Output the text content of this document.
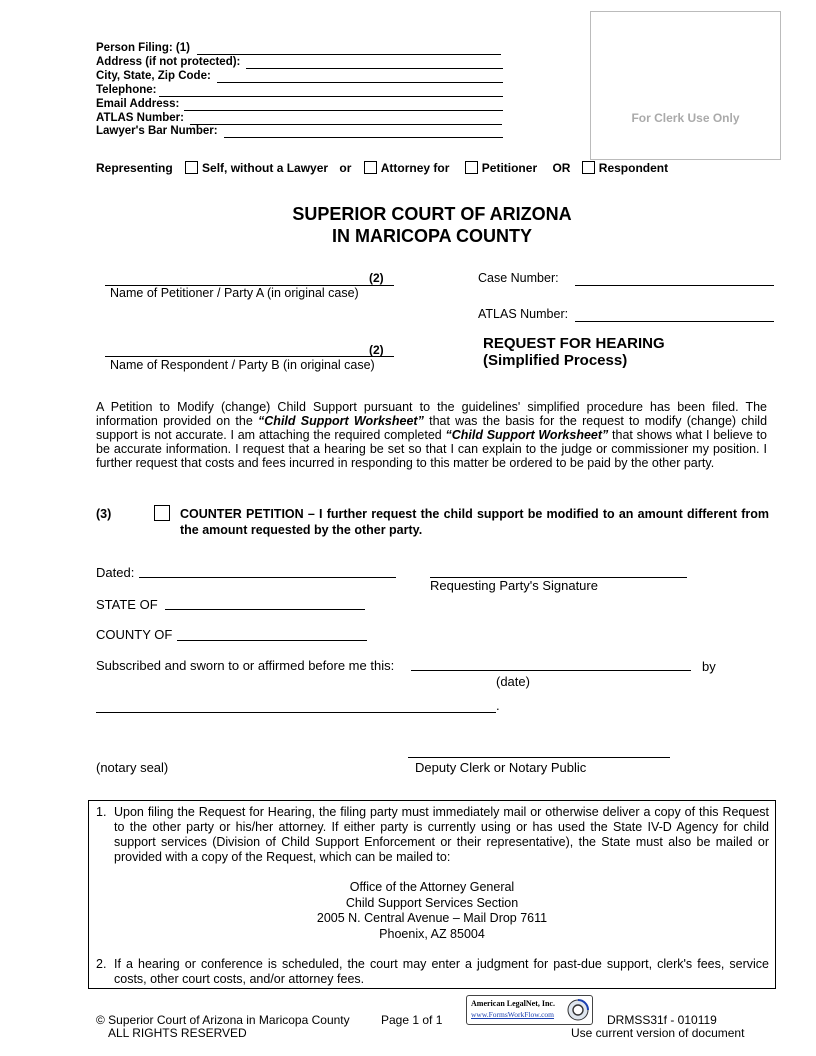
Person Filing: (1)
Address (if not protected):
City, State, Zip Code:
Telephone:
Email Address:
ATLAS Number:
Lawyer's Bar Number:
For Clerk Use Only
Representing Self, without a Lawyer or Attorney for	Petitioner OR Respondent
SUPERIOR COURT OF ARIZONA
IN MARICOPA COUNTY
(2)
Name of Petitioner / Party A (in original case)
(2)
Name of Respondent / Party B (in original case)
Case Number:
ATLAS Number:
REQUEST FOR HEARING
(Simplified Process)
A Petition to Modify (change) Child Support pursuant to the guidelines' simplified procedure has been filed. The information provided on the “Child Support Worksheet” that was the basis for the request to modify (change) child support is not accurate. I am attaching the required completed “Child Support Worksheet” that shows what I believe to be accurate information. I request that a hearing be set so that I can explain to the judge or commissioner my position. I further request that costs and fees incurred in responding to this matter be ordered to be paid by the other party.
(3)	COUNTER PETITION – I further request the child support be modified to an amount different from the amount requested by the other party.
Dated:
Requesting Party's Signature
STATE OF
COUNTY OF
Subscribed and sworn to or affirmed before me this:	by
(date)
.
(notary seal)	Deputy Clerk or Notary Public
1. Upon filing the Request for Hearing, the filing party must immediately mail or otherwise deliver a copy of this Request to the other party or his/her attorney. If either party is currently using or has used the State IV-D Agency for child support services (Division of Child Support Enforcement or their representative), the State must also be mailed or provided with a copy of the Request, which can be mailed to:
Office of the Attorney General
Child Support Services Section
2005 N. Central Avenue – Mail Drop 7611
Phoenix, AZ 85004
2. If a hearing or conference is scheduled, the court may enter a judgment for past-due support, clerk's fees, service costs, other court costs, and/or attorney fees.
© Superior Court of Arizona in Maricopa County
ALL RIGHTS RESERVED
Page 1 of 1
American LegalNet, Inc.
www.FormsWorkFlow.com	DRMSS31f - 010119
Use current version of document
